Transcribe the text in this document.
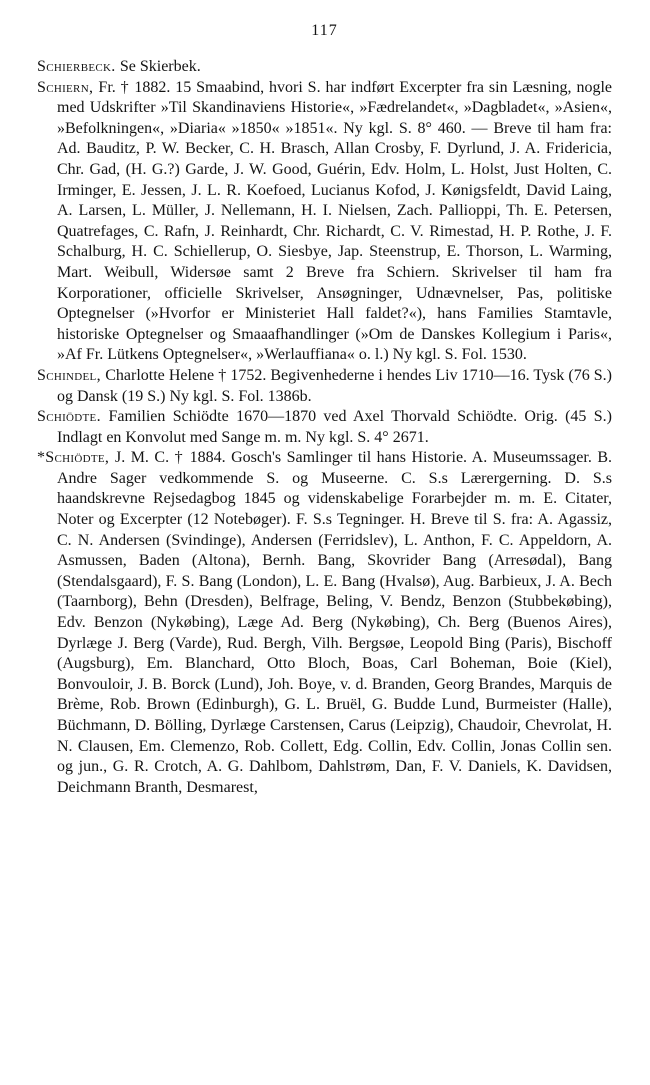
117
Schierbeck. Se Skierbek.
Schiern, Fr. † 1882. 15 Smaabind, hvori S. har indført Excerpter fra sin Læsning, nogle med Udskrifter »Til Skandinaviens Historie«, »Fædrelandet«, »Dagbladet«, »Asien«, »Befolkningen«, »Diaria« »1850« »1851«. Ny kgl. S. 8° 460. — Breve til ham fra: Ad. Bauditz, P. W. Becker, C. H. Brasch, Allan Crosby, F. Dyrlund, J. A. Fridericia, Chr. Gad, (H. G.?) Garde, J. W. Good, Guérin, Edv. Holm, L. Holst, Just Holten, C. Irminger, E. Jessen, J. L. R. Koefoed, Lucianus Kofod, J. Kønigsfeldt, David Laing, A. Larsen, L. Müller, J. Nellemann, H. I. Nielsen, Zach. Pallioppi, Th. E. Petersen, Quatrefages, C. Rafn, J. Reinhardt, Chr. Richardt, C. V. Rimestad, H. P. Rothe, J. F. Schalburg, H. C. Schiellerup, O. Siesbye, Jap. Steenstrup, E. Thorson, L. Warming, Mart. Weibull, Widersøe samt 2 Breve fra Schiern. Skrivelser til ham fra Korporationer, officielle Skrivelser, Ansøgninger, Udnævnelser, Pas, politiske Optegnelser (»Hvorfor er Ministeriet Hall faldet?«), hans Families Stamtavle, historiske Optegnelser og Smaaafhandlinger (»Om de Danskes Kollegium i Paris«, »Af Fr. Lütkens Optegnelser«, »Werlauffiana« o. l.) Ny kgl. S. Fol. 1530.
Schindel, Charlotte Helene † 1752. Begivenhederne i hendes Liv 1710—16. Tysk (76 S.) og Dansk (19 S.) Ny kgl. S. Fol. 1386b.
Schiödte. Familien Schiödte 1670—1870 ved Axel Thorvald Schiödte. Orig. (45 S.) Indlagt en Konvolut med Sange m. m. Ny kgl. S. 4° 2671.
*Schiödte, J. M. C. † 1884. Gosch's Samlinger til hans Historie. A. Museumssager. B. Andre Sager vedkommende S. og Museerne. C. S.s Lærergerning. D. S.s haandskrevne Rejsedagbog 1845 og videnskabelige Forarbejder m. m. E. Citater, Noter og Excerpter (12 Notebøger). F. S.s Tegninger. H. Breve til S. fra: A. Agassiz, C. N. Andersen (Svindinge), Andersen (Ferridslev), L. Anthon, F. C. Appeldorn, A. Asmussen, Baden (Altona), Bernh. Bang, Skovrider Bang (Arresødal), Bang (Stendalsgaard), F. S. Bang (London), L. E. Bang (Hvalsø), Aug. Barbieux, J. A. Bech (Taarnborg), Behn (Dresden), Belfrage, Beling, V. Bendz, Benzon (Stubbekøbing), Edv. Benzon (Nykøbing), Læge Ad. Berg (Nykøbing), Ch. Berg (Buenos Aires), Dyrlæge J. Berg (Varde), Rud. Bergh, Vilh. Bergsøe, Leopold Bing (Paris), Bischoff (Augsburg), Em. Blanchard, Otto Bloch, Boas, Carl Boheman, Boie (Kiel), Bonvouloir, J. B. Borck (Lund), Joh. Boye, v. d. Branden, Georg Brandes, Marquis de Brème, Rob. Brown (Edinburgh), G. L. Bruël, G. Budde Lund, Burmeister (Halle), Büchmann, D. Bölling, Dyrlæge Carstensen, Carus (Leipzig), Chaudoir, Chevrolat, H. N. Clausen, Em. Clemenzo, Rob. Collett, Edg. Collin, Edv. Collin, Jonas Collin sen. og jun., G. R. Crotch, A. G. Dahlbom, Dahlstrøm, Dan, F. V. Daniels, K. Davidsen, Deichmann Branth, Desmarest,
